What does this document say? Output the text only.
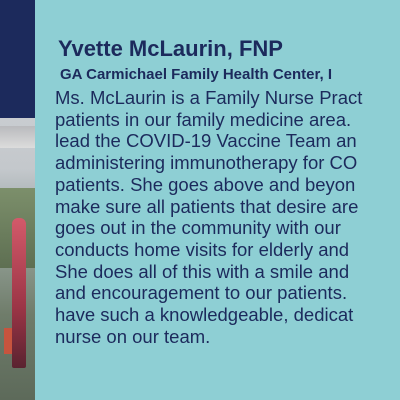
Yvette McLaurin, FNP
GA Carmichael Family Health Center, I

Ms. McLaurin is a Family Nurse Pract
patients in our family medicine area.
lead the COVID-19 Vaccine Team an
administering immunotherapy for CO
patients. She goes above and beyon
make sure all patients that desire are
goes out in the community with our
conducts home visits for elderly and
She does all of this with a smile and
and encouragement to our patients.
have such a knowledgeable, dedicat
nurse on our team.
